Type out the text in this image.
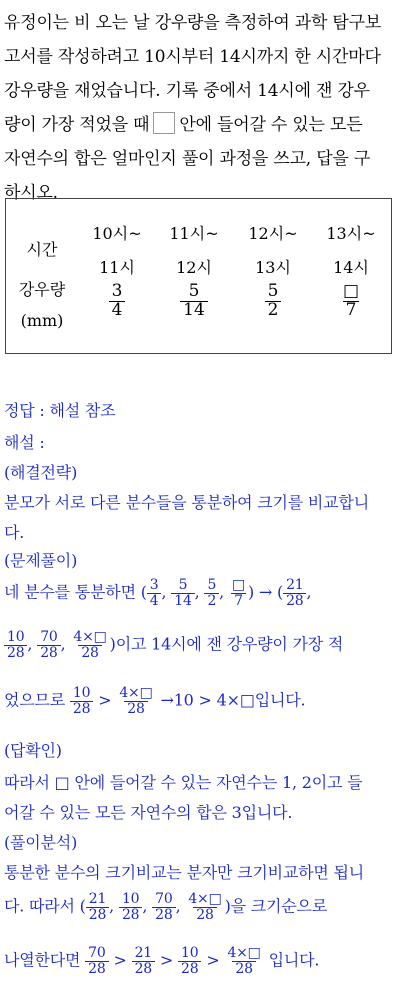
유정이는 비 오는 날 강우량을 측정하여 과학 탐구보
고서를 작성하려고 10시부터 14시까지 한 시간마다
강우량을 재었습니다. 기록 중에서 14시에 잰 강우
량이 가장 적었을 때 안에 들어갈 수 있는 모든
자연수의 합은 얼마인지 풀이 과정을 쓰고, 답을 구
하시오.
시간
강우량
(mm)
10시~
11시
$\frac{3}{4}$
11시~
12시
$\frac{5}{14}$
12시~
13시
$\frac{5}{2}$
13시~
14시
$\frac{□}{7}$
정답 : 해설 참조
해설 :
(해결전략)
분모가 서로 다른 분수들을 통분하여 크기를 비교합니
다.
(문제풀이)
네 분수를 통분하면 ( $\frac{3}{4}$ , $\frac{5}{14}$ , $\frac{5}{2}$ , $\frac{□}{7}$ ) → ( $\frac{21}{28}$ ,
$\frac{10}{28}$ , $\frac{70}{28}$ , $\frac{4\times□}{28}$ )이고 14시에 잰 강우량이 가장 적
었으므로 $\frac{10}{28} > \frac{4\times□}{28} \to 10$ > 4×□입니다.
(답확인)
따라서 □ 안에 들어갈 수 있는 자연수는 1, 2이고 들
어갈 수 있는 모든 자연수의 합은 3입니다.
(풀이분석)
통분한 분수의 크기비교는 분자만 크기비교하면 됩니
다. 따라서 ( $\frac{21}{28}$ , $\frac{10}{28}$ , $\frac{70}{28}$ , $\frac{4\times□}{28}$ )을 크기순으로
나열한다면 $\frac{70}{28} > \frac{21}{28} > \frac{10}{28} > \frac{4\times□}{28}$ 입니다.
